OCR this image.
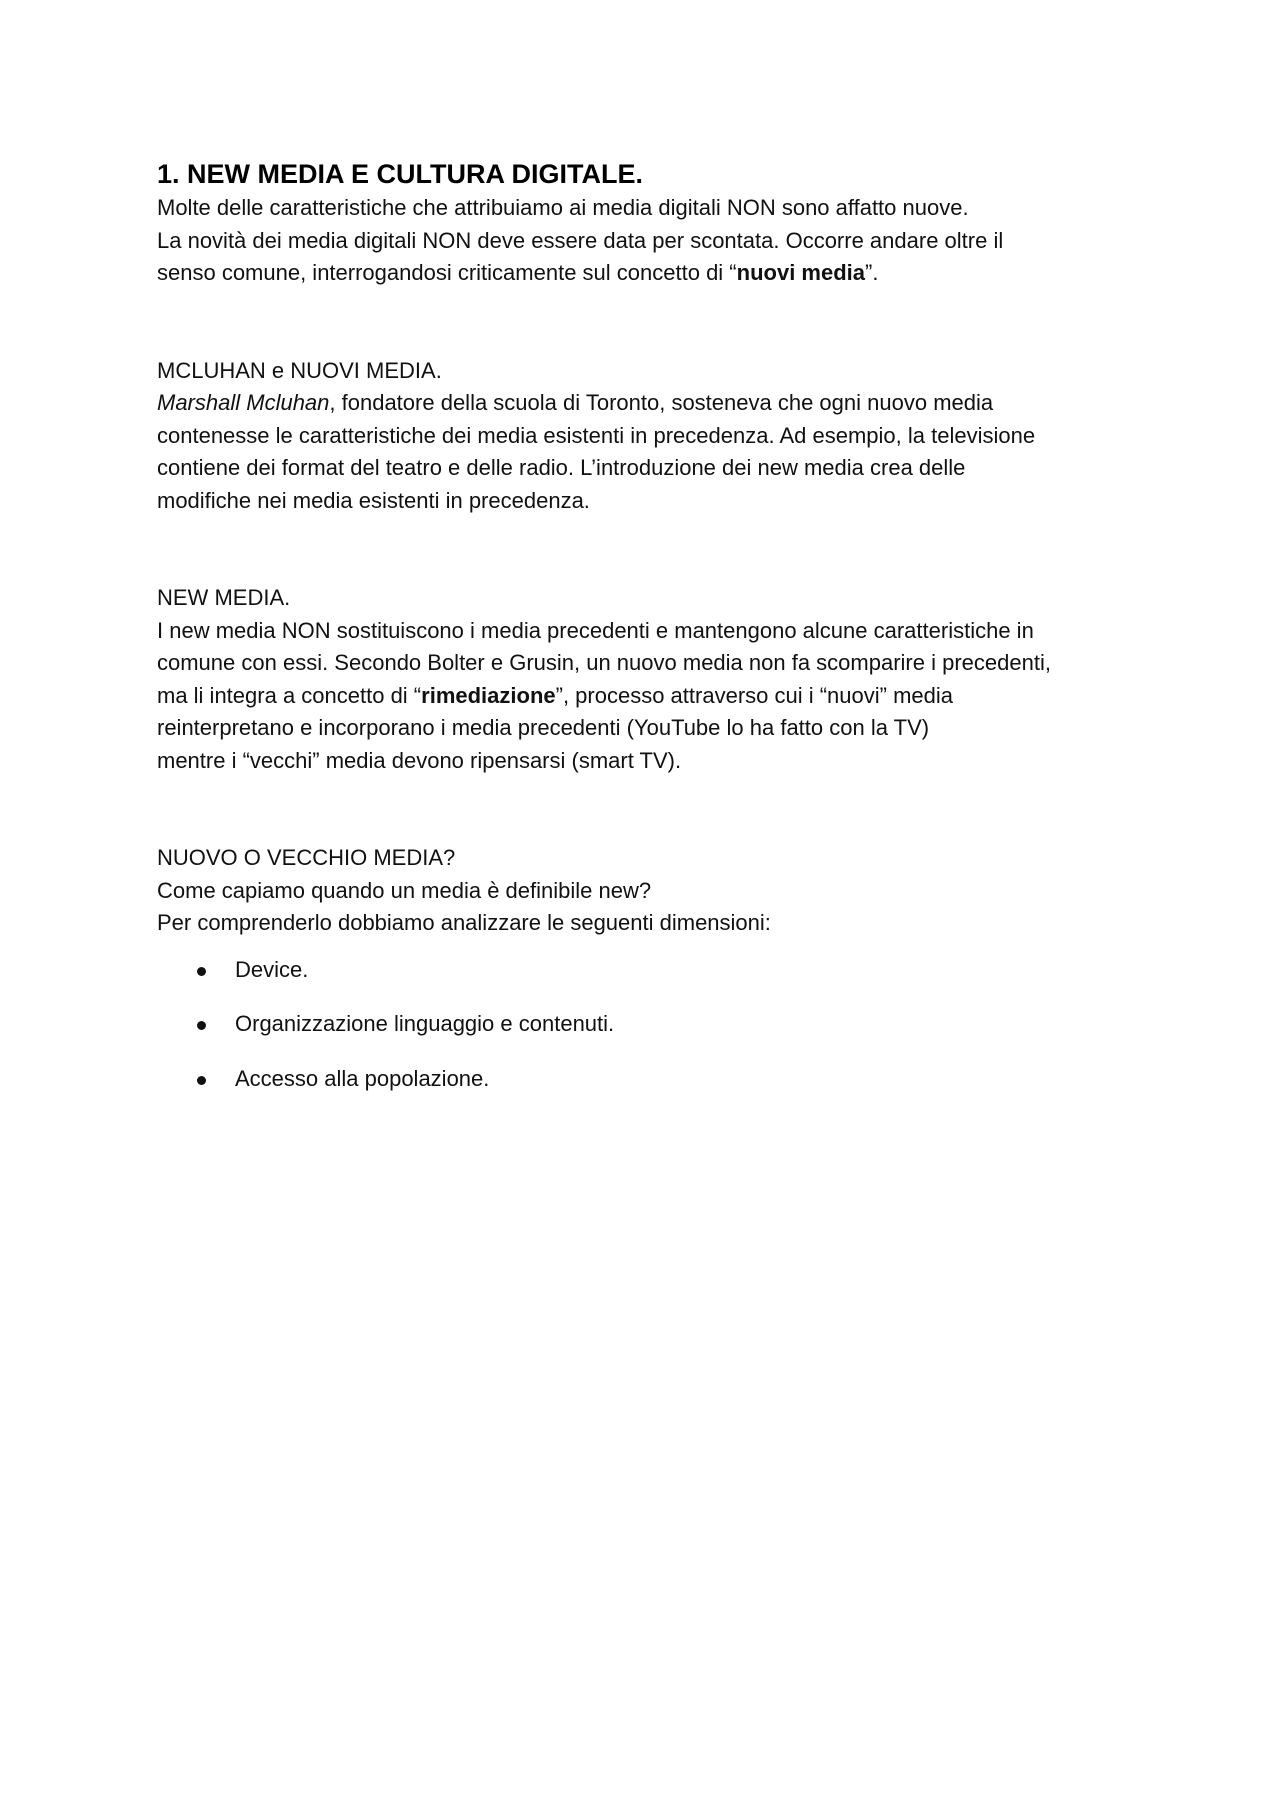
1. NEW MEDIA E CULTURA DIGITALE.

Molte delle caratteristiche che attribuiamo ai media digitali NON sono affatto nuove.

La novità dei media digitali NON deve essere data per scontata. Occorre andare oltre il

senso comune, interrogandosi criticamente sul concetto di “nuovi media”.

MCLUHAN e NUOVI MEDIA.

Marshall Mcluhan, fondatore della scuola di Toronto, sosteneva che ogni nuovo media

contenesse le caratteristiche dei media esistenti in precedenza. Ad esempio, la televisione

contiene dei format del teatro e delle radio. L’introduzione dei new media crea delle

modifiche nei media esistenti in precedenza.

NEW MEDIA.

I new media NON sostituiscono i media precedenti e mantengono alcune caratteristiche in

comune con essi. Secondo Bolter e Grusin, un nuovo media non fa scomparire i precedenti,

ma li integra a concetto di “rimediazione”, processo attraverso cui i “nuovi” media

reinterpretano e incorporano i media precedenti (YouTube lo ha fatto con la TV)

mentre i “vecchi” media devono ripensarsi (smart TV).

NUOVO O VECCHIO MEDIA?

Come capiamo quando un media è definibile new?

Per comprenderlo dobbiamo analizzare le seguenti dimensioni:

Device.
Organizzazione linguaggio e contenuti.
Accesso alla popolazione.
